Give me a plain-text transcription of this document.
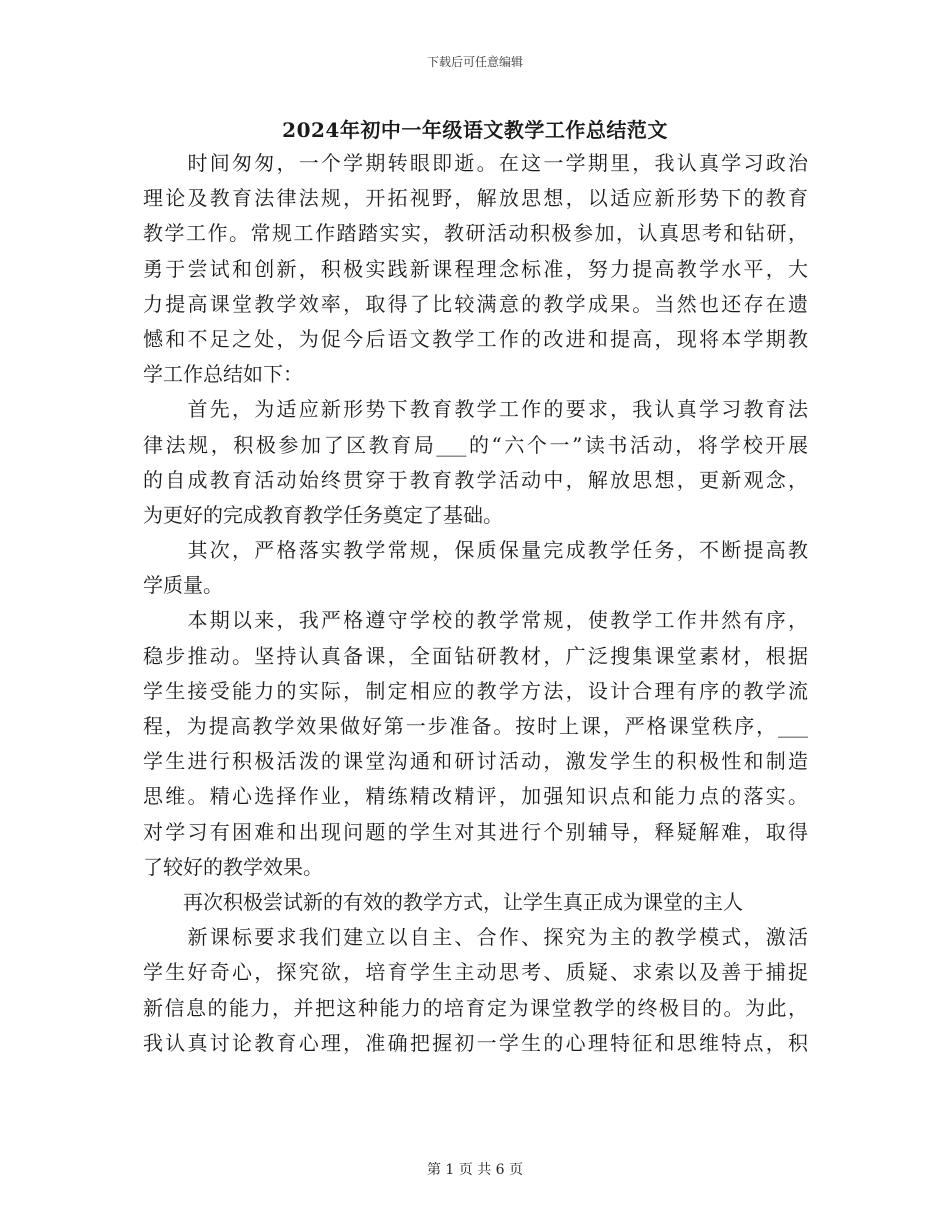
下载后可任意编辑
2024年初中一年级语文教学工作总结范文
　　时间匆匆，一个学期转眼即逝。在这一学期里，我认真学习政治
理论及教育法律法规，开拓视野，解放思想，以适应新形势下的教育
教学工作。常规工作踏踏实实，教研活动积极参加，认真思考和钻研，
勇于尝试和创新，积极实践新课程理念标准，努力提高教学水平，大
力提高课堂教学效率，取得了比较满意的教学成果。当然也还存在遗
憾和不足之处，为促今后语文教学工作的改进和提高，现将本学期教
学工作总结如下：
　　首先，为适应新形势下教育教学工作的要求，我认真学习教育法
律法规，积极参加了区教育局___的“六个一”读书活动，将学校开展
的自成教育活动始终贯穿于教育教学活动中，解放思想，更新观念，
为更好的完成教育教学任务奠定了基础。
　　其次，严格落实教学常规，保质保量完成教学任务，不断提高教
学质量。
　　本期以来，我严格遵守学校的教学常规，使教学工作井然有序，
稳步推动。坚持认真备课，全面钻研教材，广泛搜集课堂素材，根据
学生接受能力的实际，制定相应的教学方法，设计合理有序的教学流
程，为提高教学效果做好第一步准备。按时上课，严格课堂秩序，___
学生进行积极活泼的课堂沟通和研讨活动，激发学生的积极性和制造
思维。精心选择作业，精练精改精评，加强知识点和能力点的落实。
对学习有困难和出现问题的学生对其进行个别辅导，释疑解难，取得
了较好的教学效果。
　　再次积极尝试新的有效的教学方式，让学生真正成为课堂的主人
　　新课标要求我们建立以自主、合作、探究为主的教学模式，激活
学生好奇心，探究欲，培育学生主动思考、质疑、求索以及善于捕捉
新信息的能力，并把这种能力的培育定为课堂教学的终极目的。为此，
我认真讨论教育心理，准确把握初一学生的心理特征和思维特点，积
第 1 页 共 6 页
